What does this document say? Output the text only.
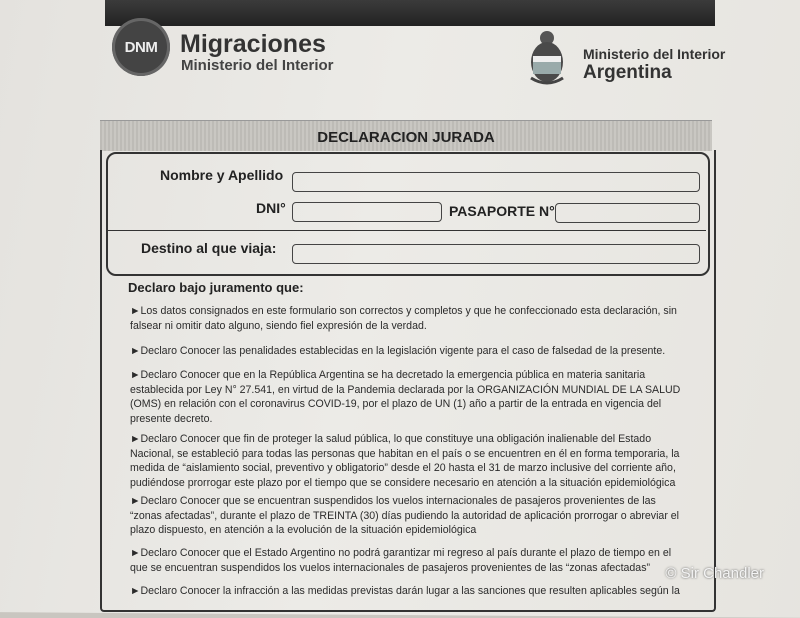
DNM Migraciones
Ministerio del Interior
Ministerio del Interior
Argentina
DECLARACION JURADA
Nombre y Apellido
DNI°	PASAPORTE N°
Destino al que viaja:
Declaro bajo juramento que:
►Los datos consignados en este formulario son correctos y completos y que he confeccionado esta declaración, sin falsear ni omitir dato alguno, siendo fiel expresión de la verdad.
►Declaro Conocer las penalidades establecidas en la legislación vigente para el caso de falsedad de la presente.
►Declaro Conocer que en la República Argentina se ha decretado la emergencia pública en materia sanitaria establecida por Ley N° 27.541, en virtud de la Pandemia declarada por la ORGANIZACIÓN MUNDIAL DE LA SALUD (OMS) en relación con el coronavirus COVID-19, por el plazo de UN (1) año a partir de la entrada en vigencia del presente decreto.
►Declaro Conocer que fin de proteger la salud pública, lo que constituye una obligación inalienable del Estado Nacional, se estableció para todas las personas que habitan en el país o se encuentren en él en forma temporaria, la medida de “aislamiento social, preventivo y obligatorio” desde el 20 hasta el 31 de marzo inclusive del corriente año, pudiéndose prorrogar este plazo por el tiempo que se considere necesario en atención a la situación epidemiológica
►Declaro Conocer que se encuentran suspendidos los vuelos internacionales de pasajeros provenientes de las “zonas afectadas”, durante el plazo de TREINTA (30) días pudiendo la autoridad de aplicación prorrogar o abreviar el plazo dispuesto, en atención a la evolución de la situación epidemiológica
►Declaro Conocer que el Estado Argentino no podrá garantizar mi regreso al país durante el plazo de tiempo en el que se encuentran suspendidos los vuelos internacionales de pasajeros provenientes de las “zonas afectadas”
►Declaro Conocer la infracción a las medidas previstas darán lugar a las sanciones que resulten aplicables según la
© Sir Chandler
